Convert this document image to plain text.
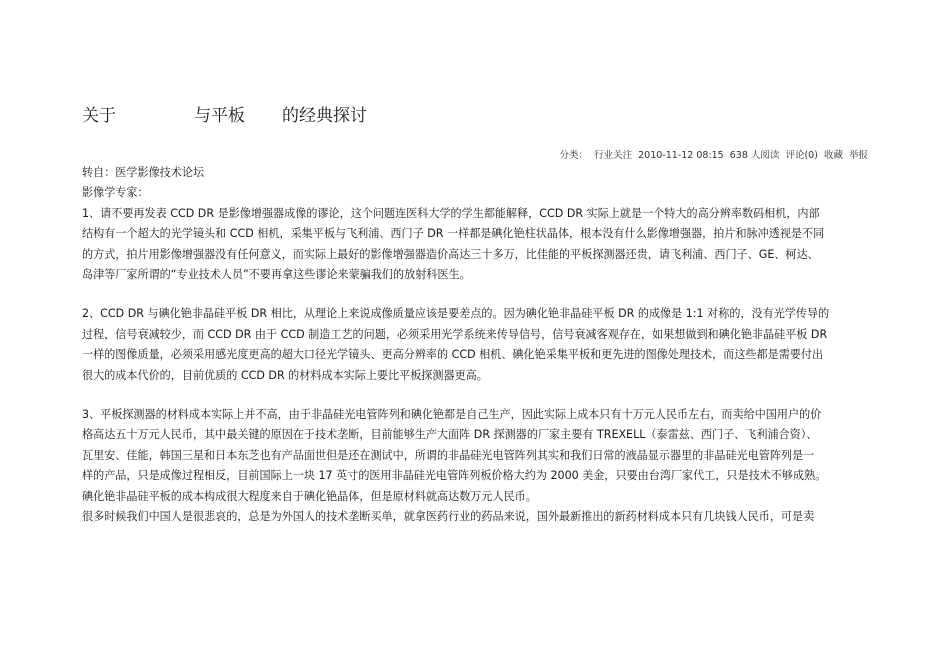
关于	与平板 的经典探讨
分类： 行业关注 2010-11-12 08:15 638 人阅读 评论(0) 收藏 举报

转自：医学影像技术论坛

影像学专家：

1、请不要再发表 CCD DR 是影像增强器成像的谬论，这个问题连医科大学的学生都能解释，CCD DR 实际上就是一个特大的高分辨率数码相机，内部

结构有一个超大的光学镜头和 CCD 相机，采集平板与飞利浦、西门子 DR 一样都是碘化铯柱状晶体，根本没有什么影像增强器，拍片和脉冲透视是不同

的方式，拍片用影像增强器没有任何意义，而实际上最好的影像增强器造价高达三十多万，比佳能的平板探测器还贵，请飞利浦、西门子、GE、柯达、

岛津等厂家所谓的“专业技术人员”不要再拿这些谬论来蒙骗我们的放射科医生。

2、CCD DR 与碘化铯非晶硅平板 DR 相比，从理论上来说成像质量应该是要差点的。因为碘化铯非晶硅平板 DR 的成像是 1:1 对称的，没有光学传导的

过程，信号衰减较少，而 CCD DR 由于 CCD 制造工艺的问题，必须采用光学系统来传导信号，信号衰减客观存在，如果想做到和碘化铯非晶硅平板 DR

一样的图像质量，必须采用感光度更高的超大口径光学镜头、更高分辨率的 CCD 相机、碘化铯采集平板和更先进的图像处理技术，而这些都是需要付出

很大的成本代价的，目前优质的 CCD DR 的材料成本实际上要比平板探测器更高。

3、平板探测器的材料成本实际上并不高，由于非晶硅光电管阵列和碘化铯都是自己生产，因此实际上成本只有十万元人民币左右，而卖给中国用户的价

格高达五十万元人民币，其中最关键的原因在于技术垄断，目前能够生产大面阵 DR 探测器的厂家主要有 TREXELL（泰雷兹、西门子、飞利浦合资）、

瓦里安、佳能，韩国三星和日本东芝也有产品面世但是还在测试中，所谓的非晶硅光电管阵列其实和我们日常的液晶显示器里的非晶硅光电管阵列是一

样的产品，只是成像过程相反，目前国际上一块 17 英寸的医用非晶硅光电管阵列板价格大约为 2000 美金，只要由台湾厂家代工，只是技术不够成熟。

碘化铯非晶硅平板的成本构成很大程度来自于碘化铯晶体，但是原材料就高达数万元人民币。

很多时候我们中国人是很悲哀的，总是为外国人的技术垄断买单，就拿医药行业的药品来说，国外最新推出的新药材料成本只有几块钱人民币，可是卖
